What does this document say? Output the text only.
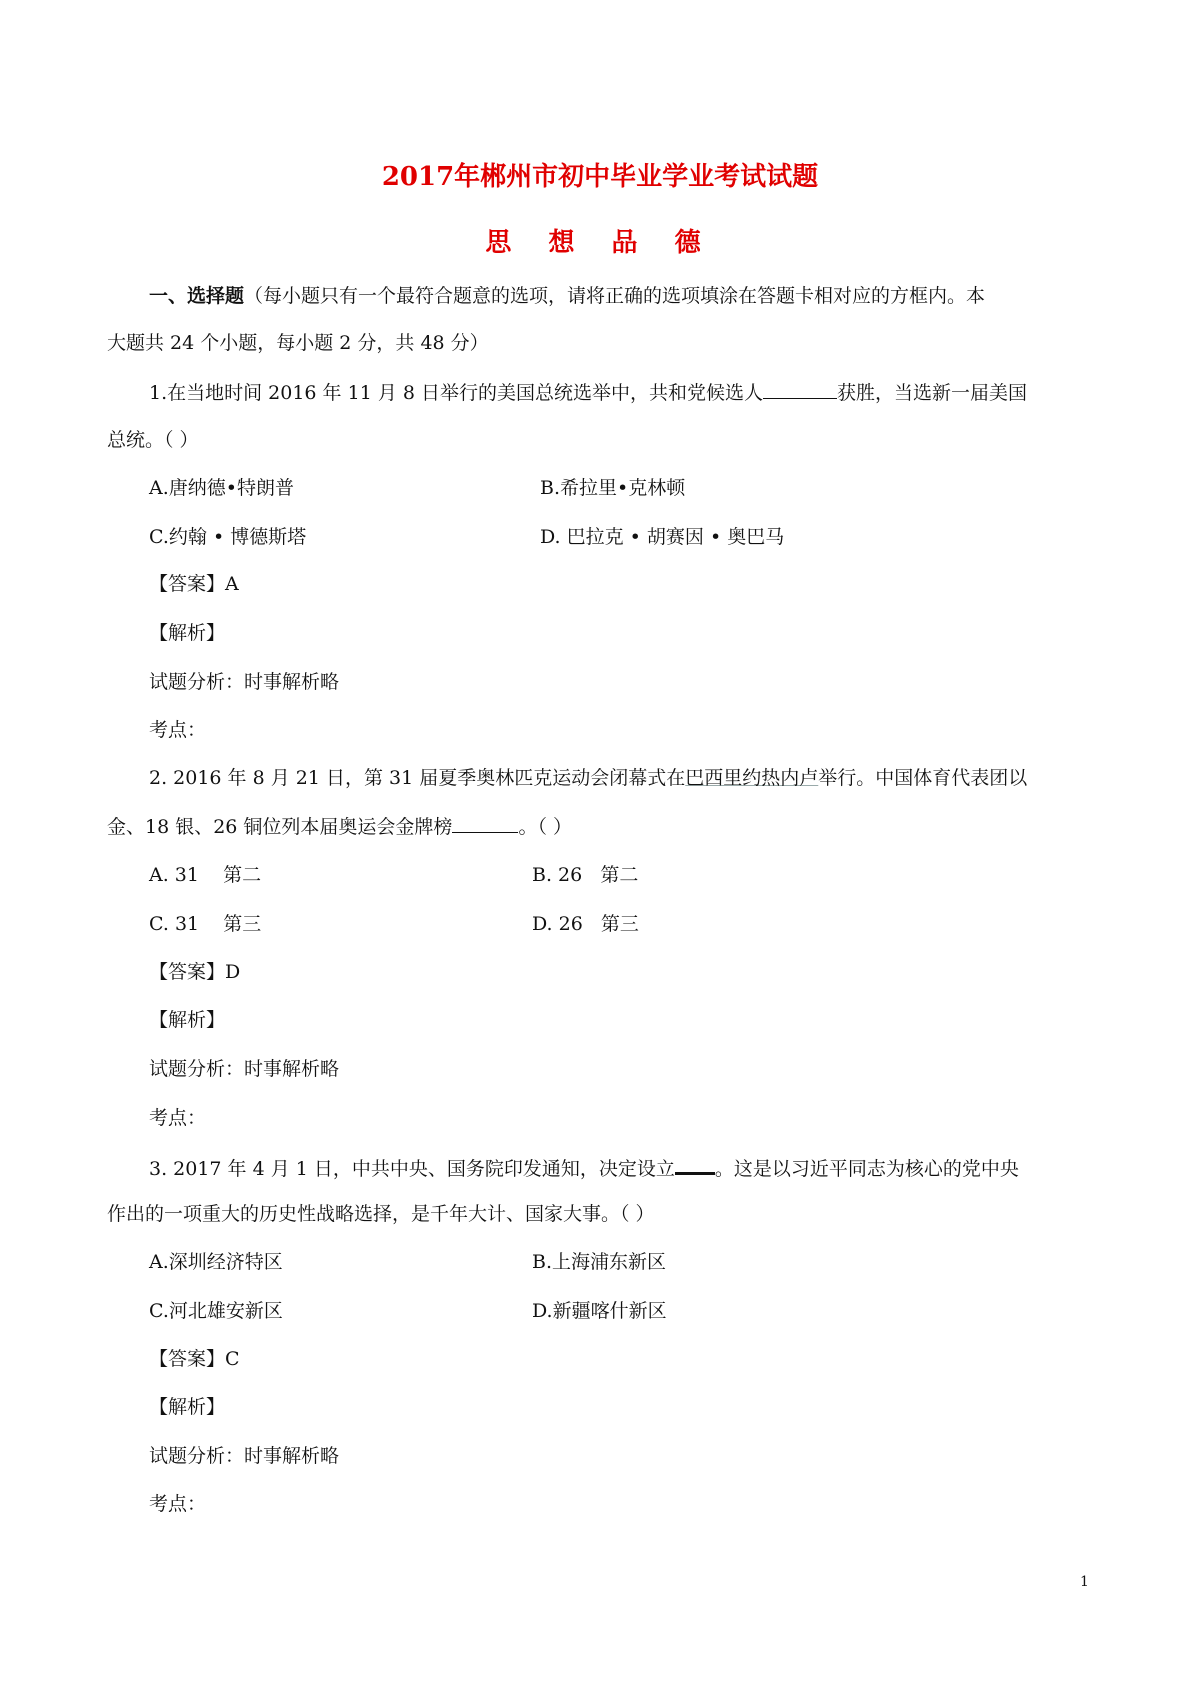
2017年郴州市初中毕业学业考试试题
思 想 品 德
一、选择题（每小题只有一个最符合题意的选项，请将正确的选项填涂在答题卡相对应的方框内。本
大题共 24 个小题，每小题 2 分，共 48 分）
1.在当地时间 2016 年 11 月 8 日举行的美国总统选举中，共和党候选人	获胜，当选新一届美国
总统。（ ）
A.唐纳德•特朗普	B.希拉里•克林顿
C.约翰 • 博德斯塔	D. 巴拉克 • 胡赛因 • 奥巴马
【答案】A
【解析】
试题分析：时事解析略
考点：
2. 2016 年 8 月 21 日，第 31 届夏季奥林匹克运动会闭幕式在巴西里约热内卢举行。中国体育代表团以
金、18 银、26 铜位列本届奥运会金牌榜	。（ ）
A. 31    第二	B. 26   第二
C. 31    第三	D. 26   第三
【答案】D
【解析】
试题分析：时事解析略
考点：
3. 2017 年 4 月 1 日，中共中央、国务院印发通知，决定设立 。这是以习近平同志为核心的党中央
作出的一项重大的历史性战略选择，是千年大计、国家大事。（ ）
A.深圳经济特区	B.上海浦东新区
C.河北雄安新区	D.新疆喀什新区
【答案】C
【解析】
试题分析：时事解析略
考点：
1
